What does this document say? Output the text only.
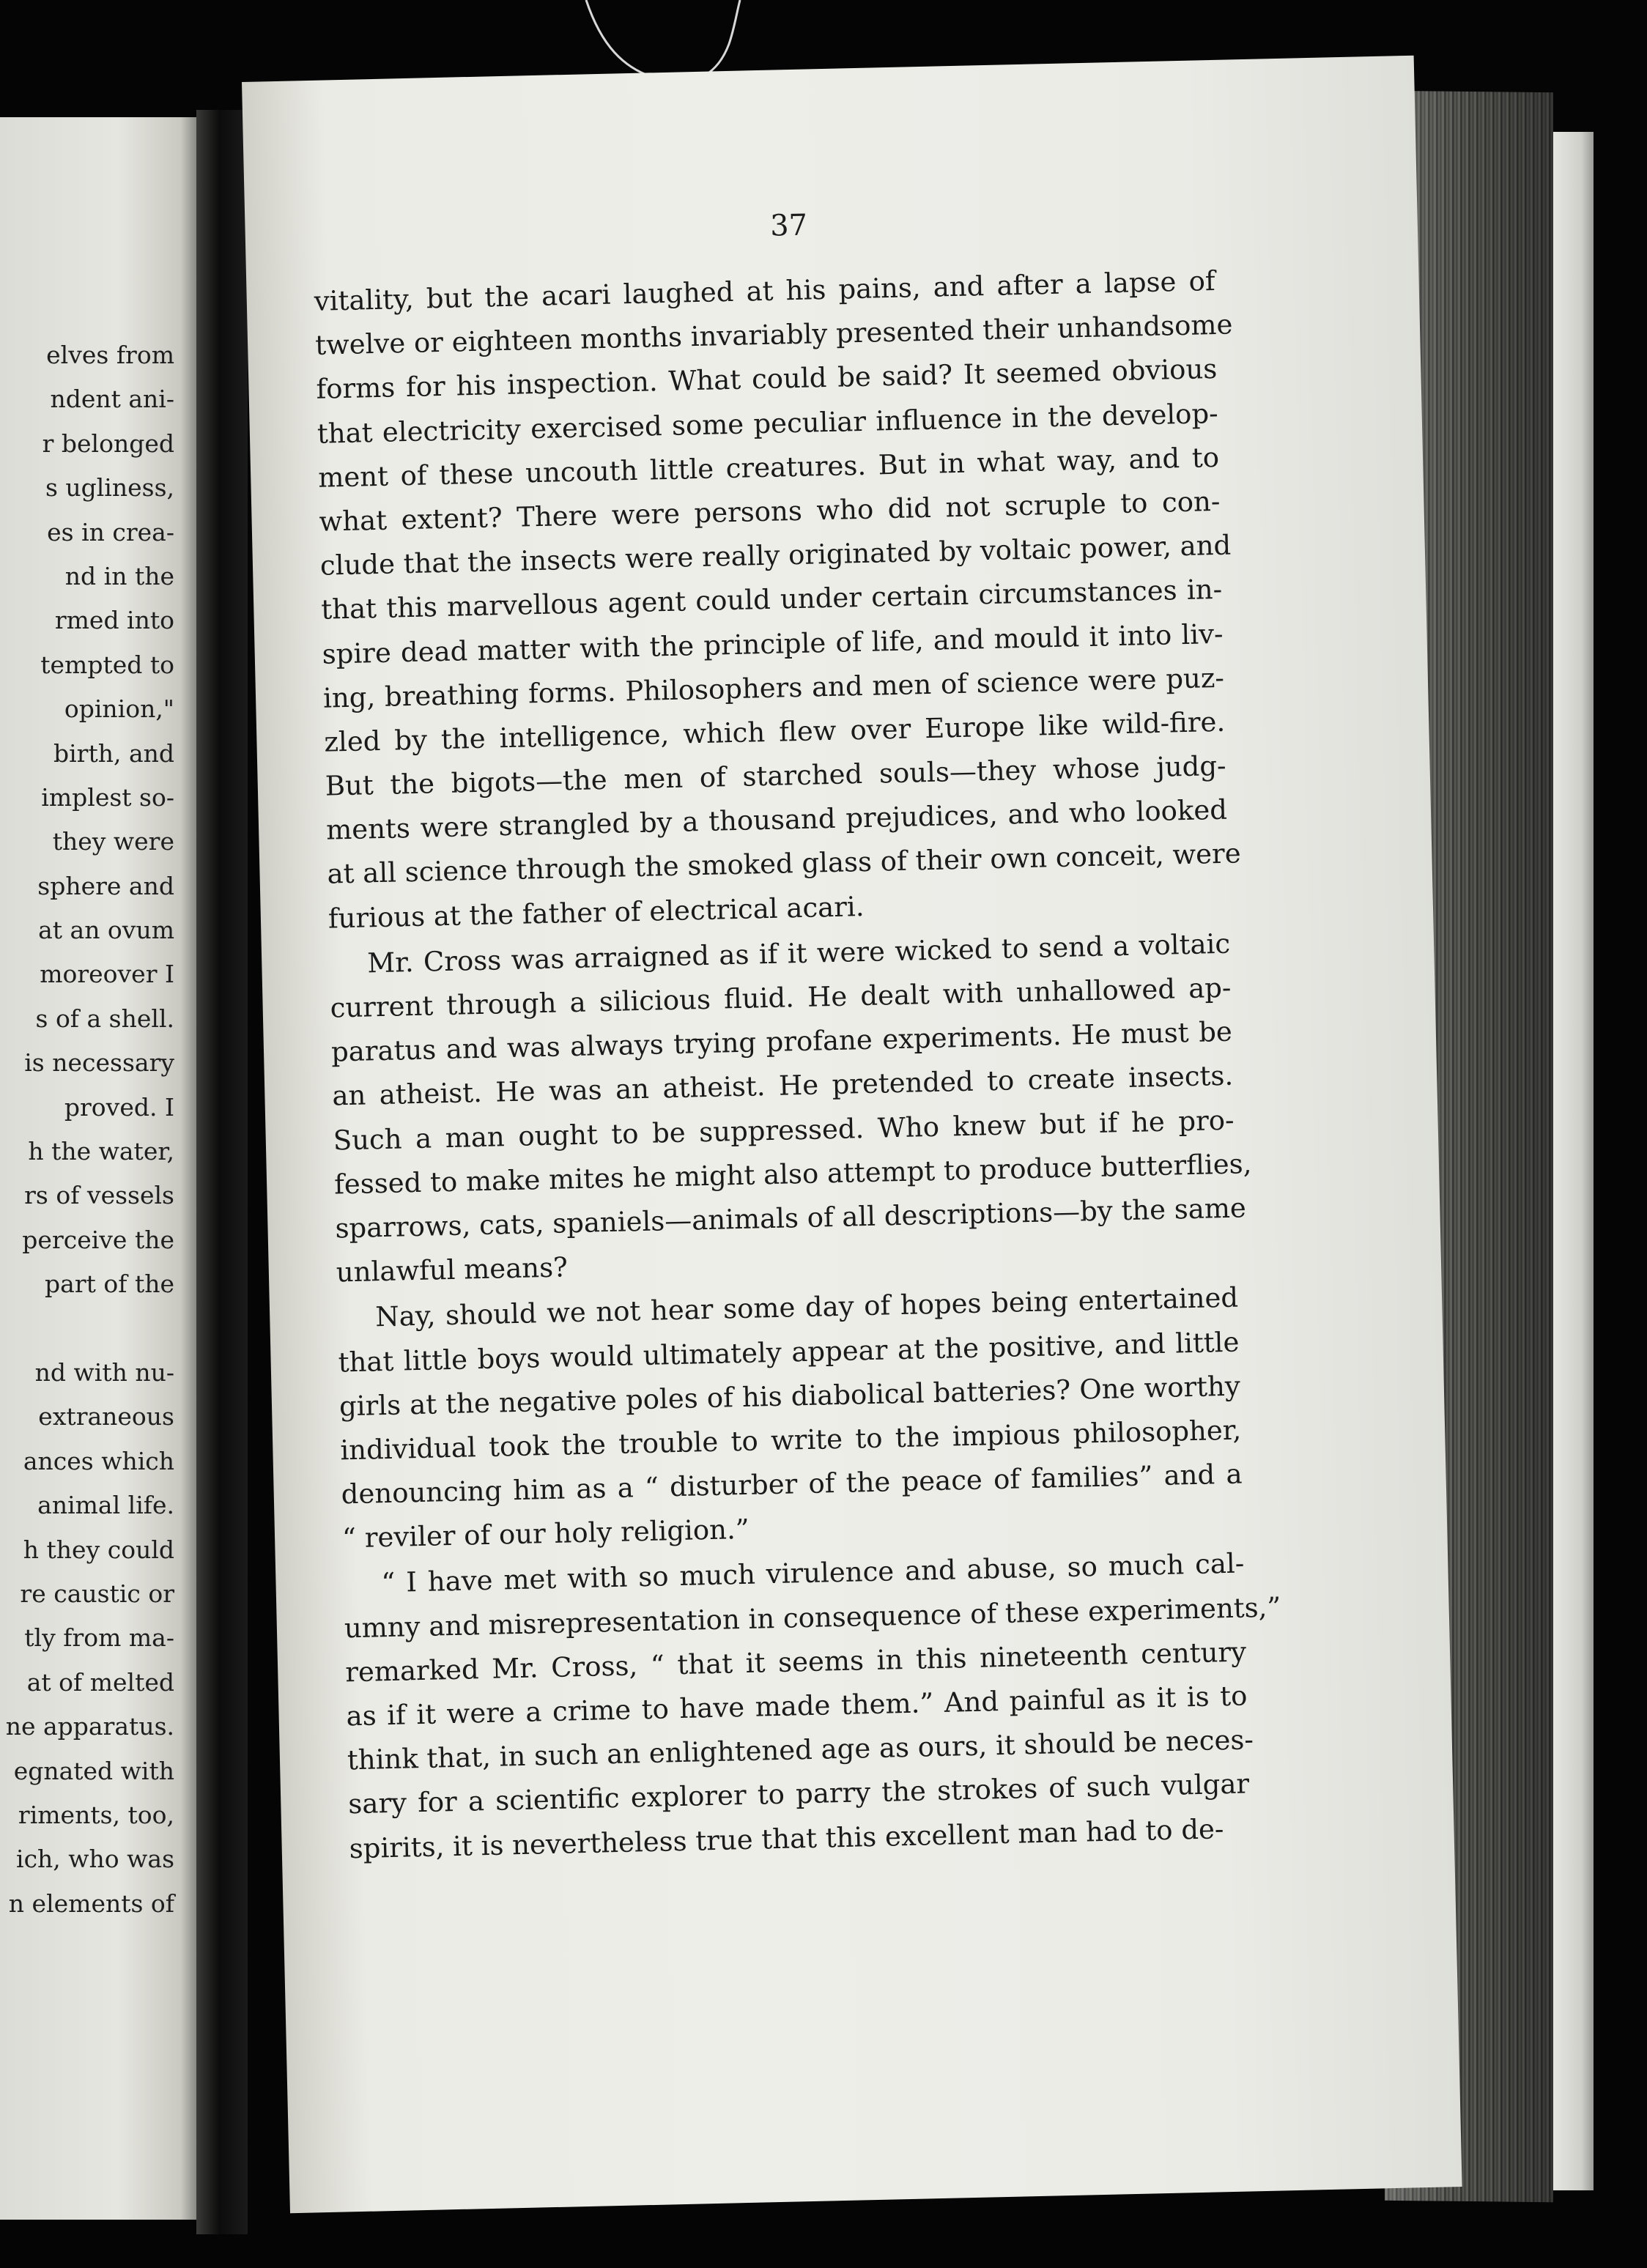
elves from
ndent ani-
r belonged
s ugliness,
es in crea-
nd in the
rmed into
tempted to
opinion,"
birth, and
implest so-
they were
sphere and
at an ovum
moreover I
s of a shell.
is necessary
proved. I
h the water,
rs of vessels
perceive the
part of the
nd with nu-
extraneous
ances which
animal life.
h they could
re caustic or
tly from ma-
at of melted
ne apparatus.
egnated with
riments, too,
ich, who was
n elements of
37
vitality, but the acari laughed at his pains, and after a lapse of
twelve or eighteen months invariably presented their unhandsome
forms for his inspection. What could be said? It seemed obvious
that electricity exercised some peculiar influence in the develop-
ment of these uncouth little creatures. But in what way, and to
what extent? There were persons who did not scruple to con-
clude that the insects were really originated by voltaic power, and
that this marvellous agent could under certain circumstances in-
spire dead matter with the principle of life, and mould it into liv-
ing, breathing forms. Philosophers and men of science were puz-
zled by the intelligence, which flew over Europe like wild-fire.
But the bigots—the men of starched souls—they whose judg-
ments were strangled by a thousand prejudices, and who looked
at all science through the smoked glass of their own conceit, were
furious at the father of electrical acari.
Mr. Cross was arraigned as if it were wicked to send a voltaic
current through a silicious fluid. He dealt with unhallowed ap-
paratus and was always trying profane experiments. He must be
an atheist. He was an atheist. He pretended to create insects.
Such a man ought to be suppressed. Who knew but if he pro-
fessed to make mites he might also attempt to produce butterflies,
sparrows, cats, spaniels—animals of all descriptions—by the same
unlawful means?
Nay, should we not hear some day of hopes being entertained
that little boys would ultimately appear at the positive, and little
girls at the negative poles of his diabolical batteries? One worthy
individual took the trouble to write to the impious philosopher,
denouncing him as a “ disturber of the peace of families” and a
“ reviler of our holy religion.”
“ I have met with so much virulence and abuse, so much cal-
umny and misrepresentation in consequence of these experiments,”
remarked Mr. Cross, “ that it seems in this nineteenth century
as if it were a crime to have made them.” And painful as it is to
think that, in such an enlightened age as ours, it should be neces-
sary for a scientific explorer to parry the strokes of such vulgar
spirits, it is nevertheless true that this excellent man had to de-
